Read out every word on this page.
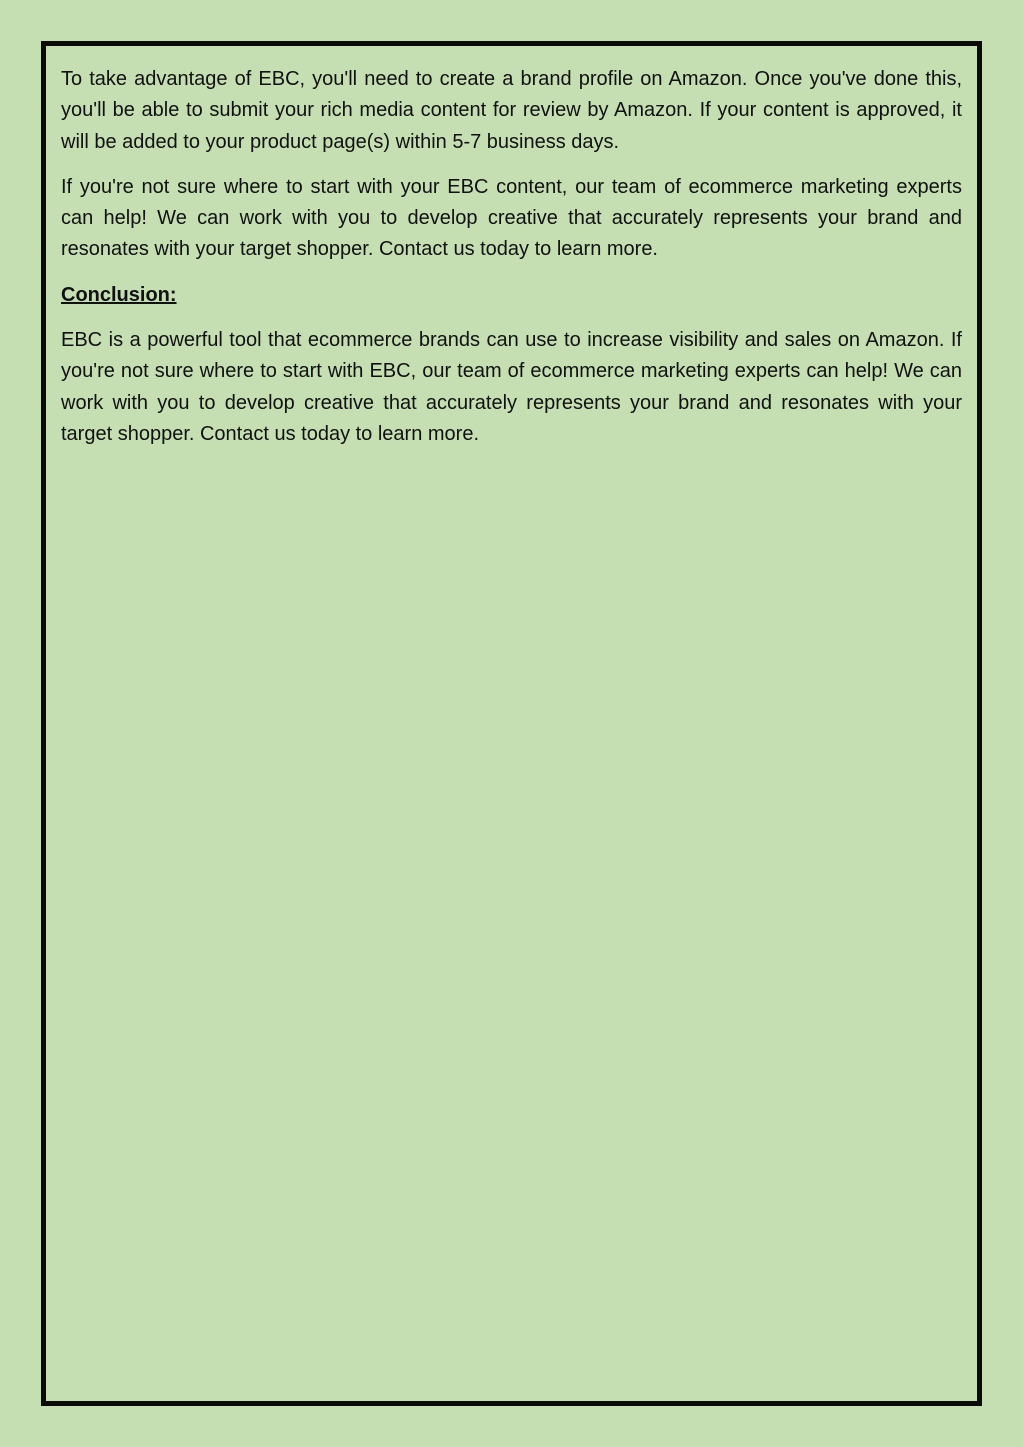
To take advantage of EBC, you'll need to create a brand profile on Amazon. Once you've done this, you'll be able to submit your rich media content for review by Amazon. If your content is approved, it will be added to your product page(s) within 5-7 business days.

If you're not sure where to start with your EBC content, our team of ecommerce marketing experts can help! We can work with you to develop creative that accurately represents your brand and resonates with your target shopper. Contact us today to learn more.

Conclusion:

EBC is a powerful tool that ecommerce brands can use to increase visibility and sales on Amazon. If you're not sure where to start with EBC, our team of ecommerce marketing experts can help! We can work with you to develop creative that accurately represents your brand and resonates with your target shopper. Contact us today to learn more.
